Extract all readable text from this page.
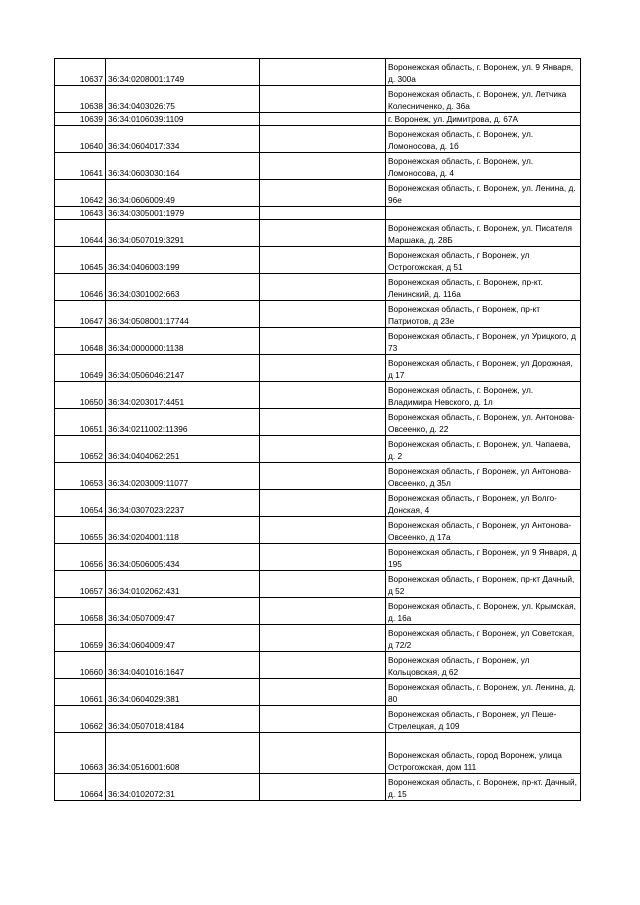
10637	36:34:0208001:1749		Воронежская область, г. Воронеж, ул. 9 Января, д. 300а
10638	36:34:0403026:75		Воронежская область, г. Воронеж, ул. Летчика Колесниченко, д. 36а
10639	36:34:0106039:1109		г. Воронеж, ул. Димитрова, д. 67А
10640	36:34:0604017:334		Воронежская область, г. Воронеж, ул. Ломоносова, д. 1б
10641	36:34:0603030:164		Воронежская область, г. Воронеж, ул. Ломоносова, д. 4
10642	36:34:0606009:49		Воронежская область, г. Воронеж, ул. Ленина, д. 96е
10643	36:34:0305001:1979		
10644	36:34:0507019:3291		Воронежская область, г. Воронеж, ул. Писателя Маршака, д. 28Б
10645	36:34:0406003:199		Воронежская область, г Воронеж, ул Острогожская, д 51
10646	36:34:0301002:663		Воронежская область, г. Воронеж, пр-кт. Ленинский, д. 116а
10647	36:34:0508001:17744		Воронежская область, г Воронеж, пр-кт Патриотов, д 23е
10648	36:34:0000000:1138		Воронежская область, г Воронеж, ул Урицкого, д 73
10649	36:34:0506046:2147		Воронежская область, г Воронеж, ул Дорожная, д 17
10650	36:34:0203017:4451		Воронежская область, г. Воронеж, ул. Владимира Невского, д. 1л
10651	36:34:0211002:11396		Воронежская область, г. Воронеж, ул. Антонова-Овсеенко, д. 22
10652	36:34:0404062:251		Воронежская область, г. Воронеж, ул. Чапаева, д. 2
10653	36:34:0203009:11077		Воронежская область, г Воронеж, ул Антонова-Овсеенко, д 35л
10654	36:34:0307023:2237		Воронежская область, г Воронеж, ул Волго-Донская, 4
10655	36:34:0204001:118		Воронежская область, г Воронеж, ул Антонова-Овсеенко, д 17а
10656	36:34:0506005:434		Воронежская область, г Воронеж, ул 9 Января, д 195
10657	36:34:0102062:431		Воронежская область, г Воронеж, пр-кт Дачный, д 52
10658	36:34:0507009:47		Воронежская область, г. Воронеж, ул. Крымская, д. 16а
10659	36:34:0604009:47		Воронежская область, г Воронеж, ул Советская, д 72/2
10660	36:34:0401016:1647		Воронежская область, г Воронеж, ул Кольцовская, д 62
10661	36:34:0604029:381		Воронежская область, г. Воронеж, ул. Ленина, д. 80
10662	36:34:0507018:4184		Воронежская область, г Воронеж, ул Пеше-Стрелецкая, д 109
10663	36:34:0516001:608		Воронежская область, город Воронеж, улица Острогожская, дом 111
10664	36:34:0102072:31		Воронежская область, г. Воронеж, пр-кт. Дачный, д. 15
